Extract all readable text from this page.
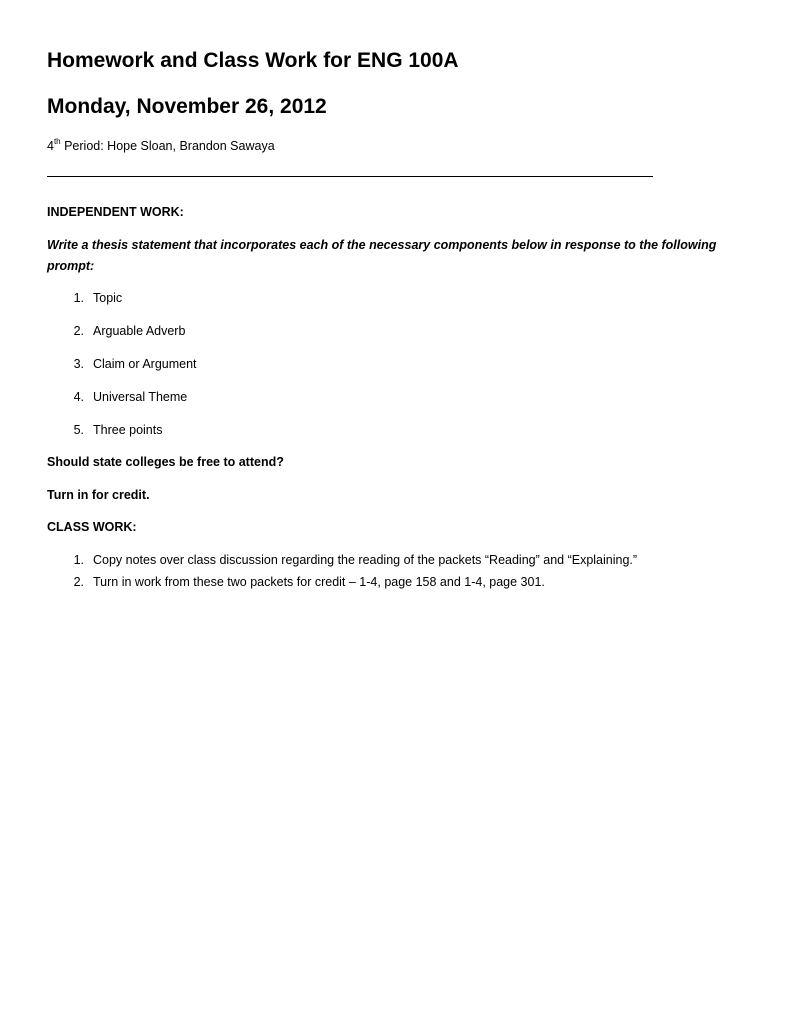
Homework and Class Work for ENG 100A
Monday, November 26, 2012
4th Period: Hope Sloan, Brandon Sawaya
INDEPENDENT WORK:
Write a thesis statement that incorporates each of the necessary components below in response to the following prompt:
1. Topic
2. Arguable Adverb
3. Claim or Argument
4. Universal Theme
5. Three points
Should state colleges be free to attend?
Turn in for credit.
CLASS WORK:
1. Copy notes over class discussion regarding the reading of the packets “Reading” and “Explaining.”
2. Turn in work from these two packets for credit – 1-4, page 158 and 1-4, page 301.
